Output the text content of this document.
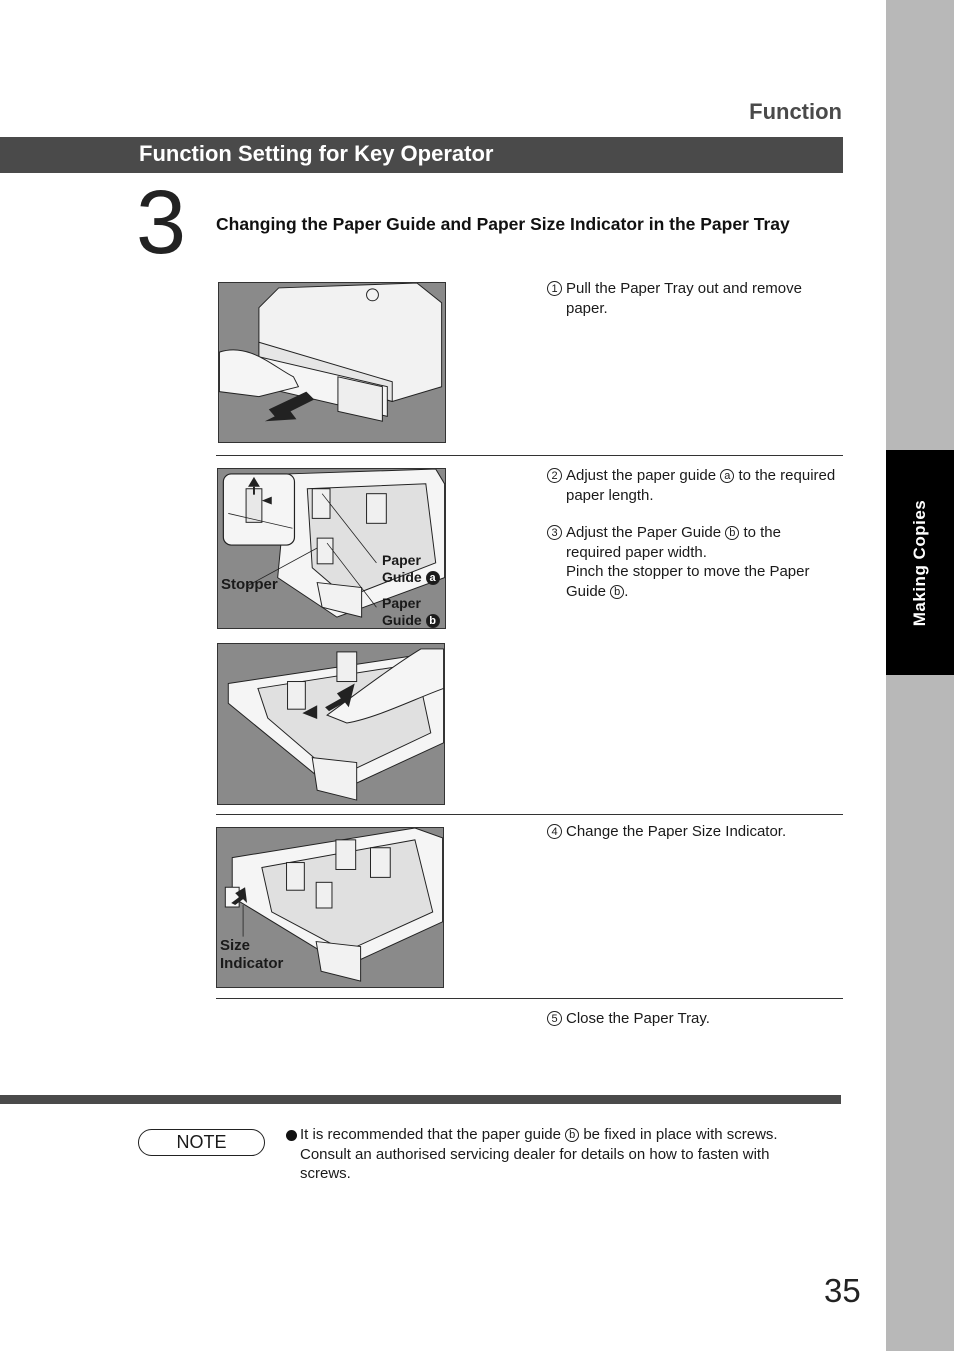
Making Copies
Function
Function Setting for Key Operator
3 Changing the Paper Guide and Paper Size Indicator in the Paper Tray

1 Pull the Paper Tray out and remove paper.

Stopper
Paper
Guide a
Paper
Guide b

2 Adjust the paper guide a to the required paper length.

3 Adjust the Paper Guide b to the required paper width.
Pinch the stopper to move the Paper Guide b .

Size
Indicator

4 Change the Paper Size Indicator.

5 Close the Paper Tray.

NOTE	It is recommended that the paper guide b be fixed in place with screws. Consult an authorised servicing dealer for details on how to fasten with screws.
35
